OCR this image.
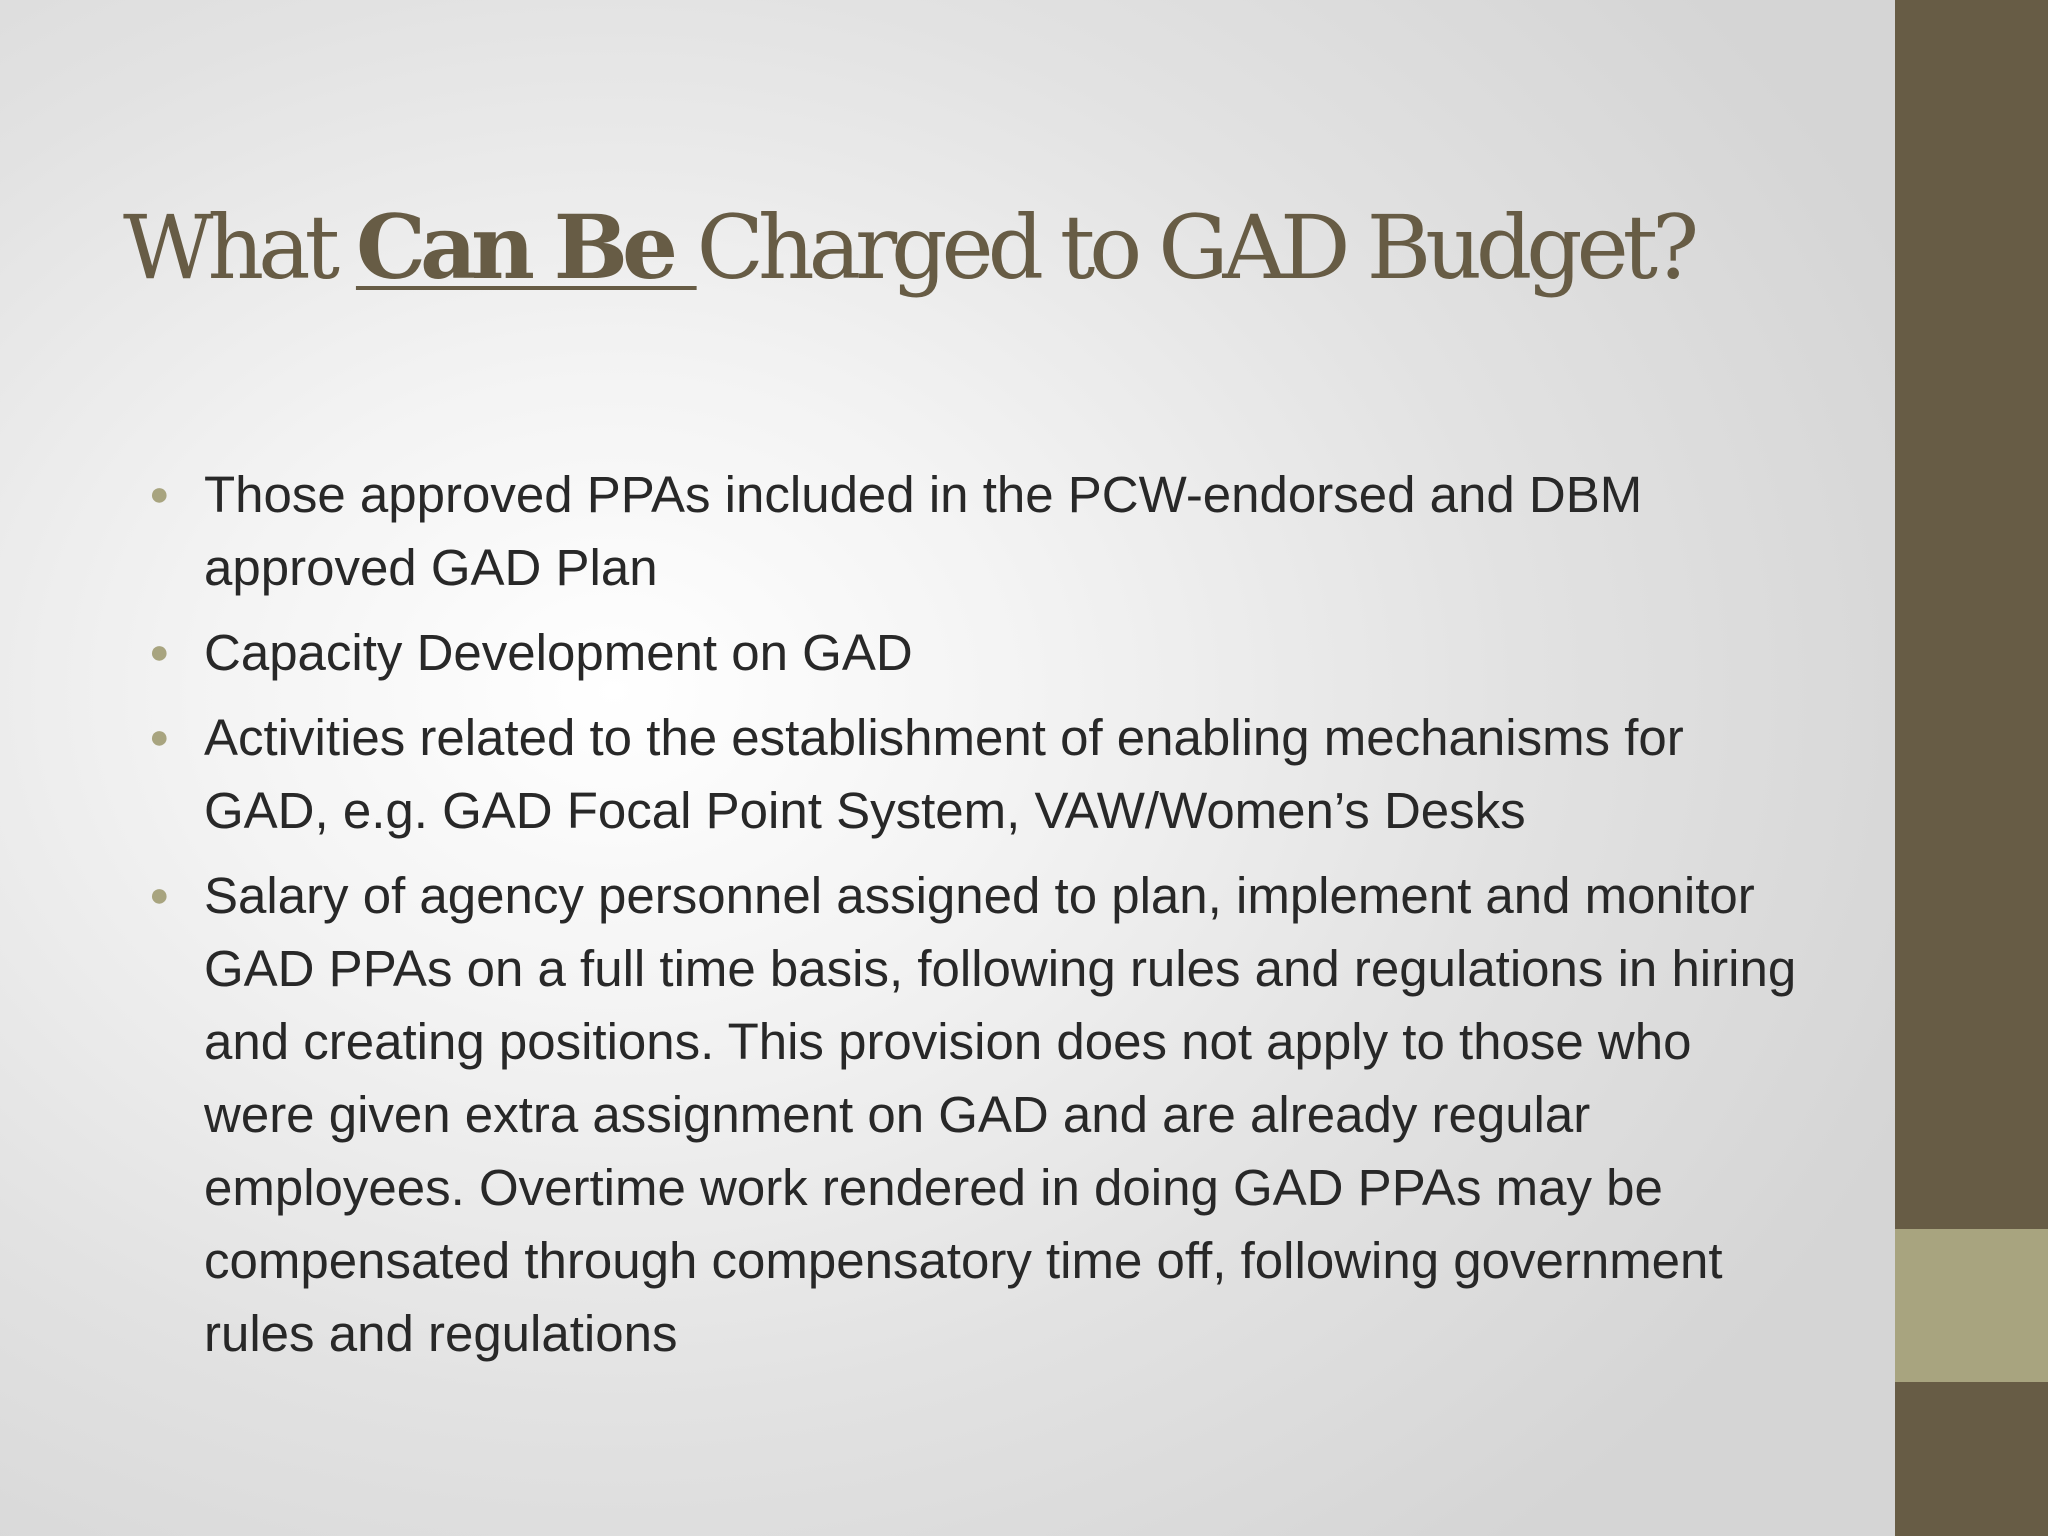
What Can Be Charged to GAD Budget?
● Those approved PPAs included in the PCW-endorsed and DBM approved GAD Plan
● Capacity Development on GAD
● Activities related to the establishment of enabling mechanisms for GAD, e.g. GAD Focal Point System, VAW/Women’s Desks
● Salary of agency personnel assigned to plan, implement and monitor GAD PPAs on a full time basis, following rules and regulations in hiring and creating positions. This provision does not apply to those who were given extra assignment on GAD and are already regular employees. Overtime work rendered in doing GAD PPAs may be compensated through compensatory time off, following government rules and regulations
